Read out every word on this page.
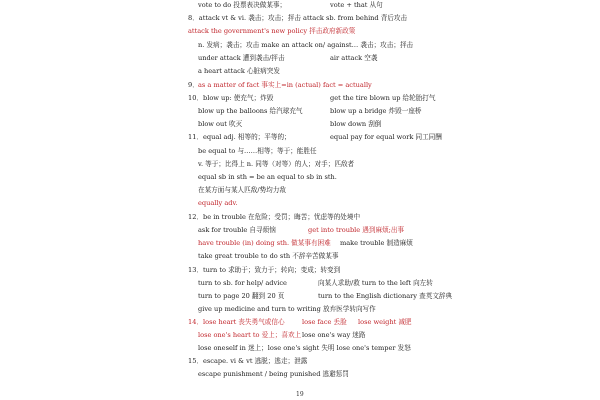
vote to do 投票表决做某事；	vote + that 从句
8．attack vt & vi. 袭击；攻击；抨击 attack sb. from behind 背后攻击
attack the government's new policy 抨击政府新政策
n. 发病；袭击；攻击 make an attack on/ against… 袭击；攻击；抨击
under attack 遭到袭击/抨击	air attack 空袭
a heart attack 心脏病突发
9． as a matter of fact 事实上=in (actual) fact = actually
10．blow up: 使充气；炸毁	get the tire blown up 给轮胎打气
blow up the balloons 给汽球充气	blow up a bridge 炸毁一座桥
blow out 吹灭	blow down 刮倒
11．equal adj. 相等的；平等的；	equal pay for equal work 同工同酬
be equal to 与……相等；等于；能胜任
v. 等于；比得上 n. 同等（对等）的人；对手；匹敌者
equal sb in sth = be an equal to sb in sth.
在某方面与某人匹敌/势均力敌
equally adv.
12．be in trouble 在危险；受罚；晦苦；忧虑等的处境中
ask for trouble 自寻烦恼	get into trouble 遇到麻烦;出事
have trouble (in) doing sth. 做某事有困难 make trouble 制造麻烦
take great trouble to do sth 不辞辛苦做某事
13．turn to 求助于；致力于；转向；变成；转变到
turn to sb. for help/ advice	向某人求助/救 turn to the left 向左转
turn to page 20 翻到 20 页	turn to the English dictionary 查英文辞典
give up medicine and turn to writing 放弃医学转向写作
14．lose heart 丧失勇气或信心	lose face 丢脸 lose weight 减肥
lose one's heart to 爱上；喜欢上 lose one's way 迷路
lose oneself in 迷上；lose one's sight 失明 lose one's temper 发怒
15．escape. vi & vt 逃脱；逃走；泄露
escape punishment / being punished 逃避惩罚
19
